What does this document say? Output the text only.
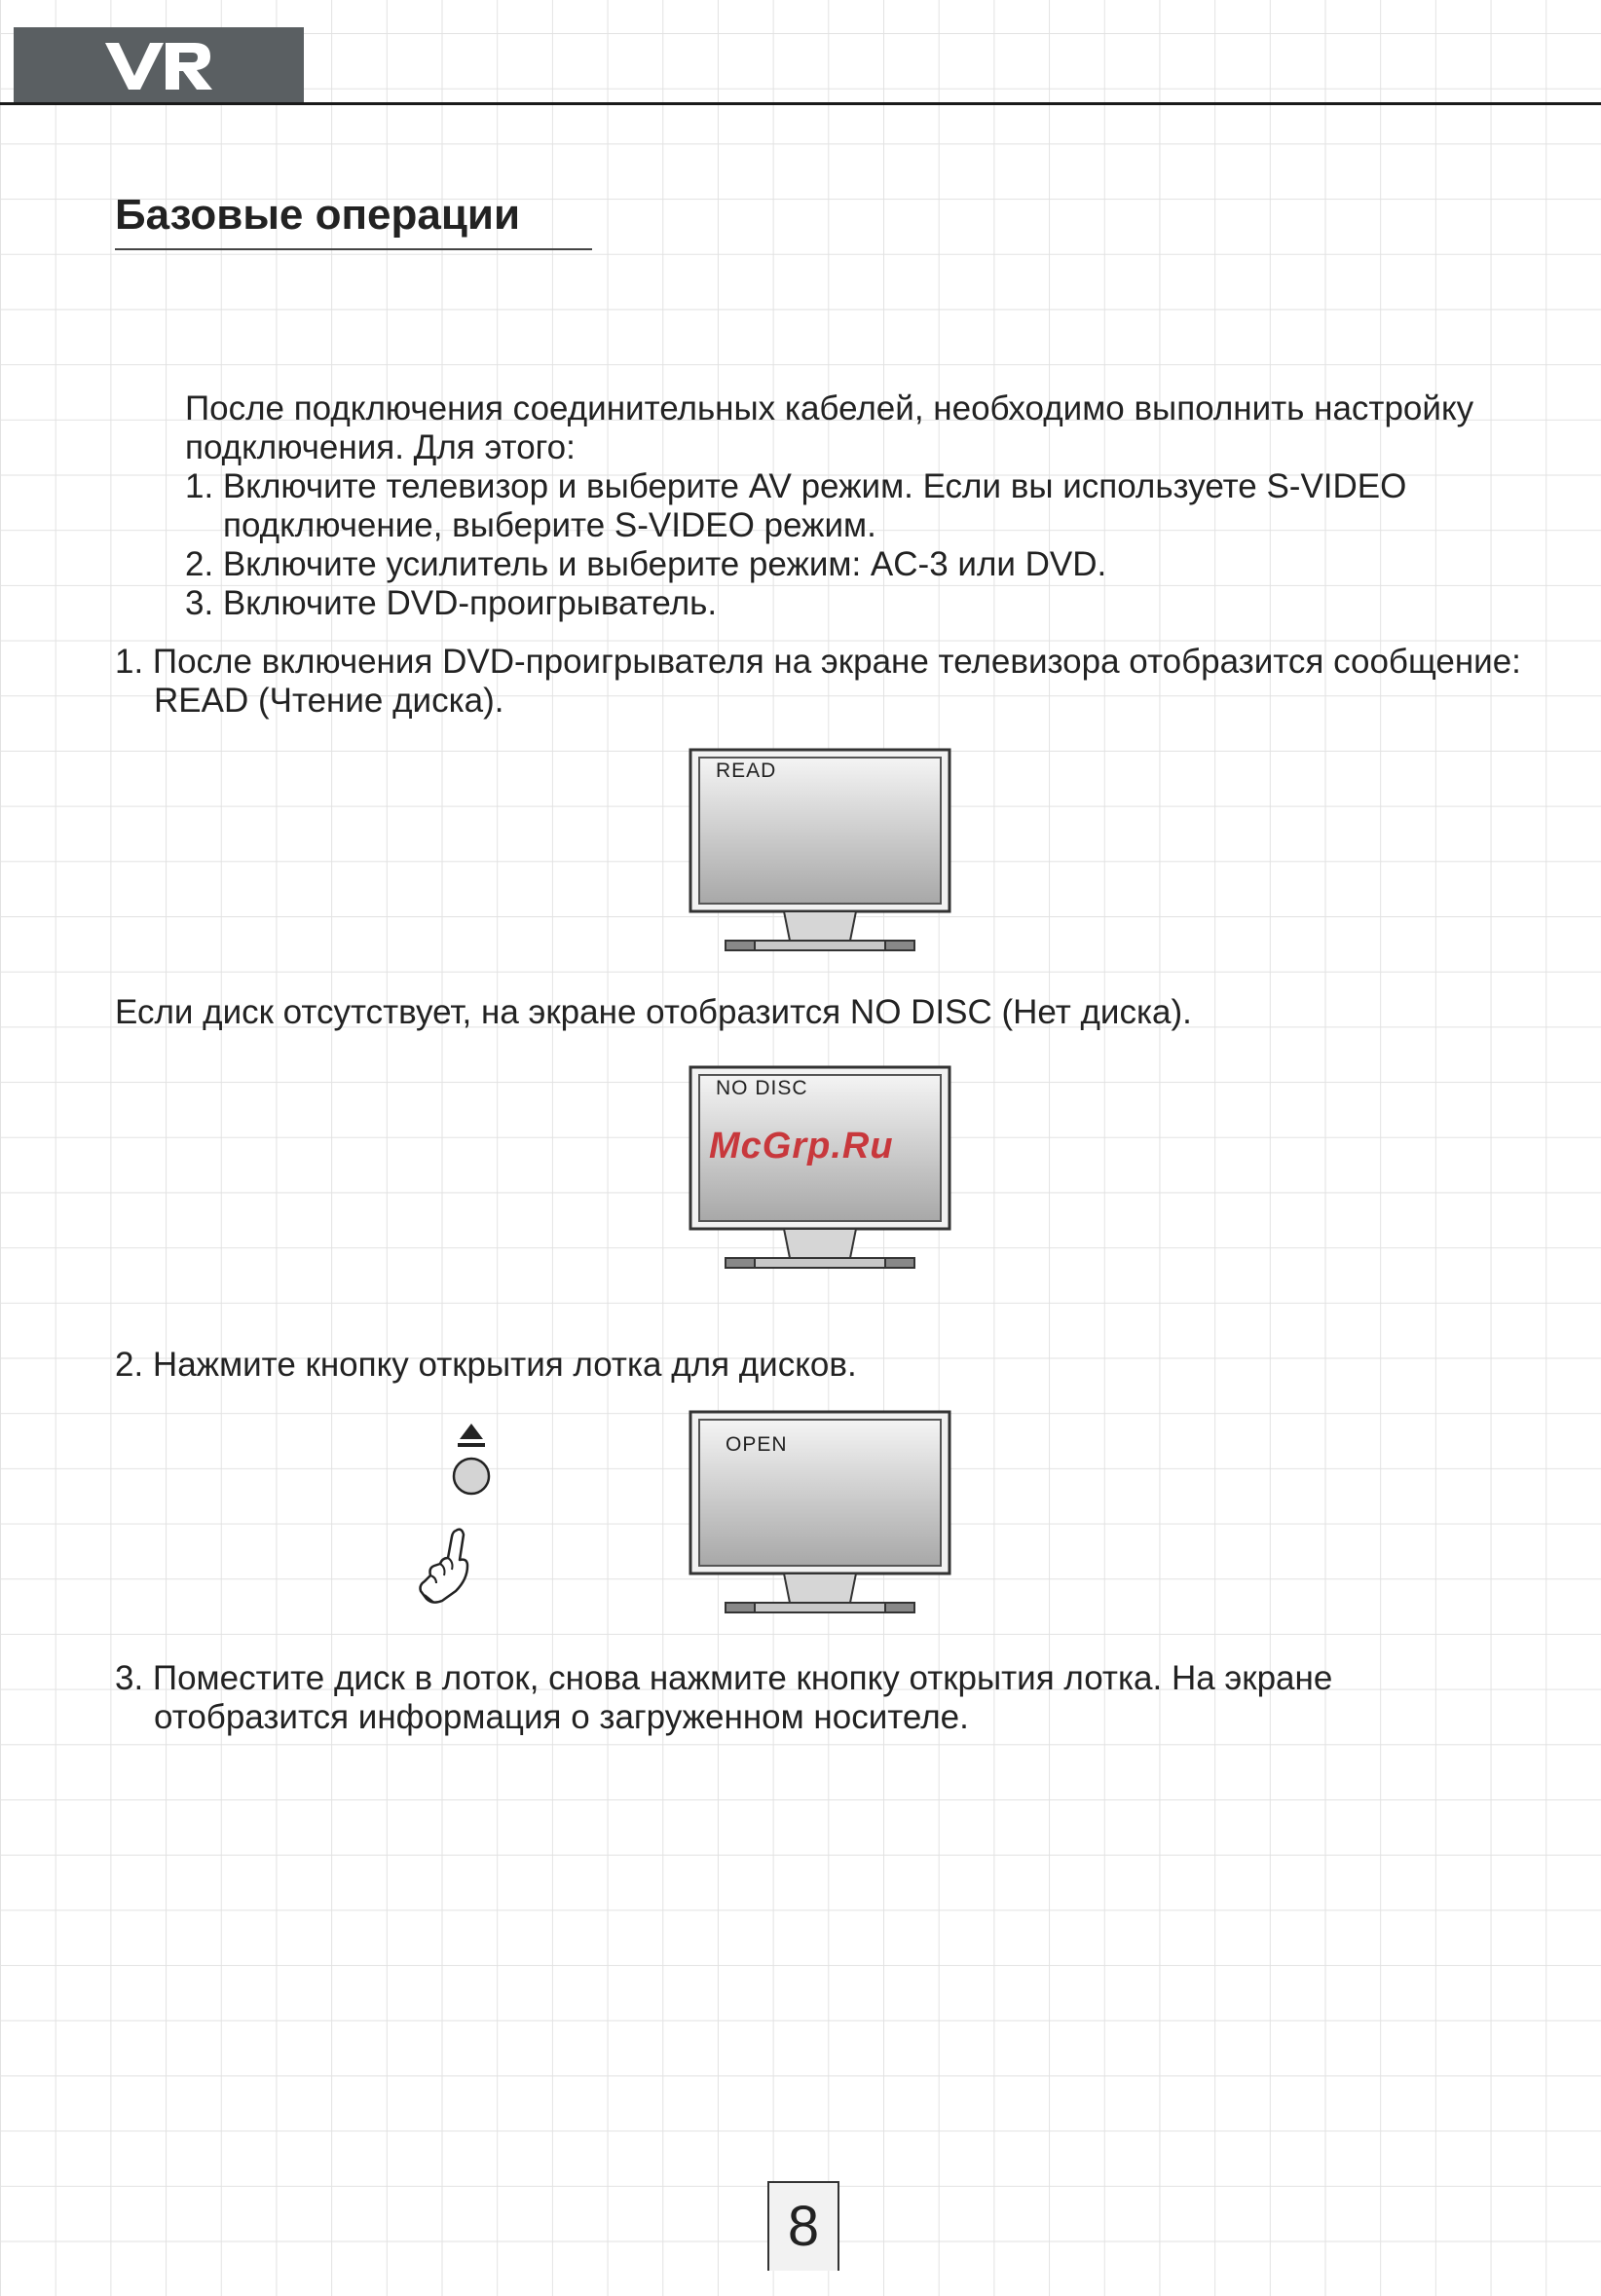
Базовые операции
После подключения соединительных кабелей, необходимо выполнить настройку
подключения. Для этого:
1. Включите телевизор и выберите AV режим. Если вы используете S-VIDEO
подключение, выберите S-VIDEO режим.
2. Включите усилитель и выберите режим: AC-3 или DVD.
3. Включите DVD-проигрыватель.
1. После включения DVD-проигрывателя на экране телевизора отобразится сообщение:
READ (Чтение диска).
READ
Если диск отсутствует, на экране отобразится NO DISC (Нет диска).
NO DISC
McGrp.Ru
2. Нажмите кнопку открытия лотка для дисков.
OPEN
3. Поместите диск в лоток, снова нажмите кнопку открытия лотка. На экране
отобразится информация о загруженном носителе.
8
